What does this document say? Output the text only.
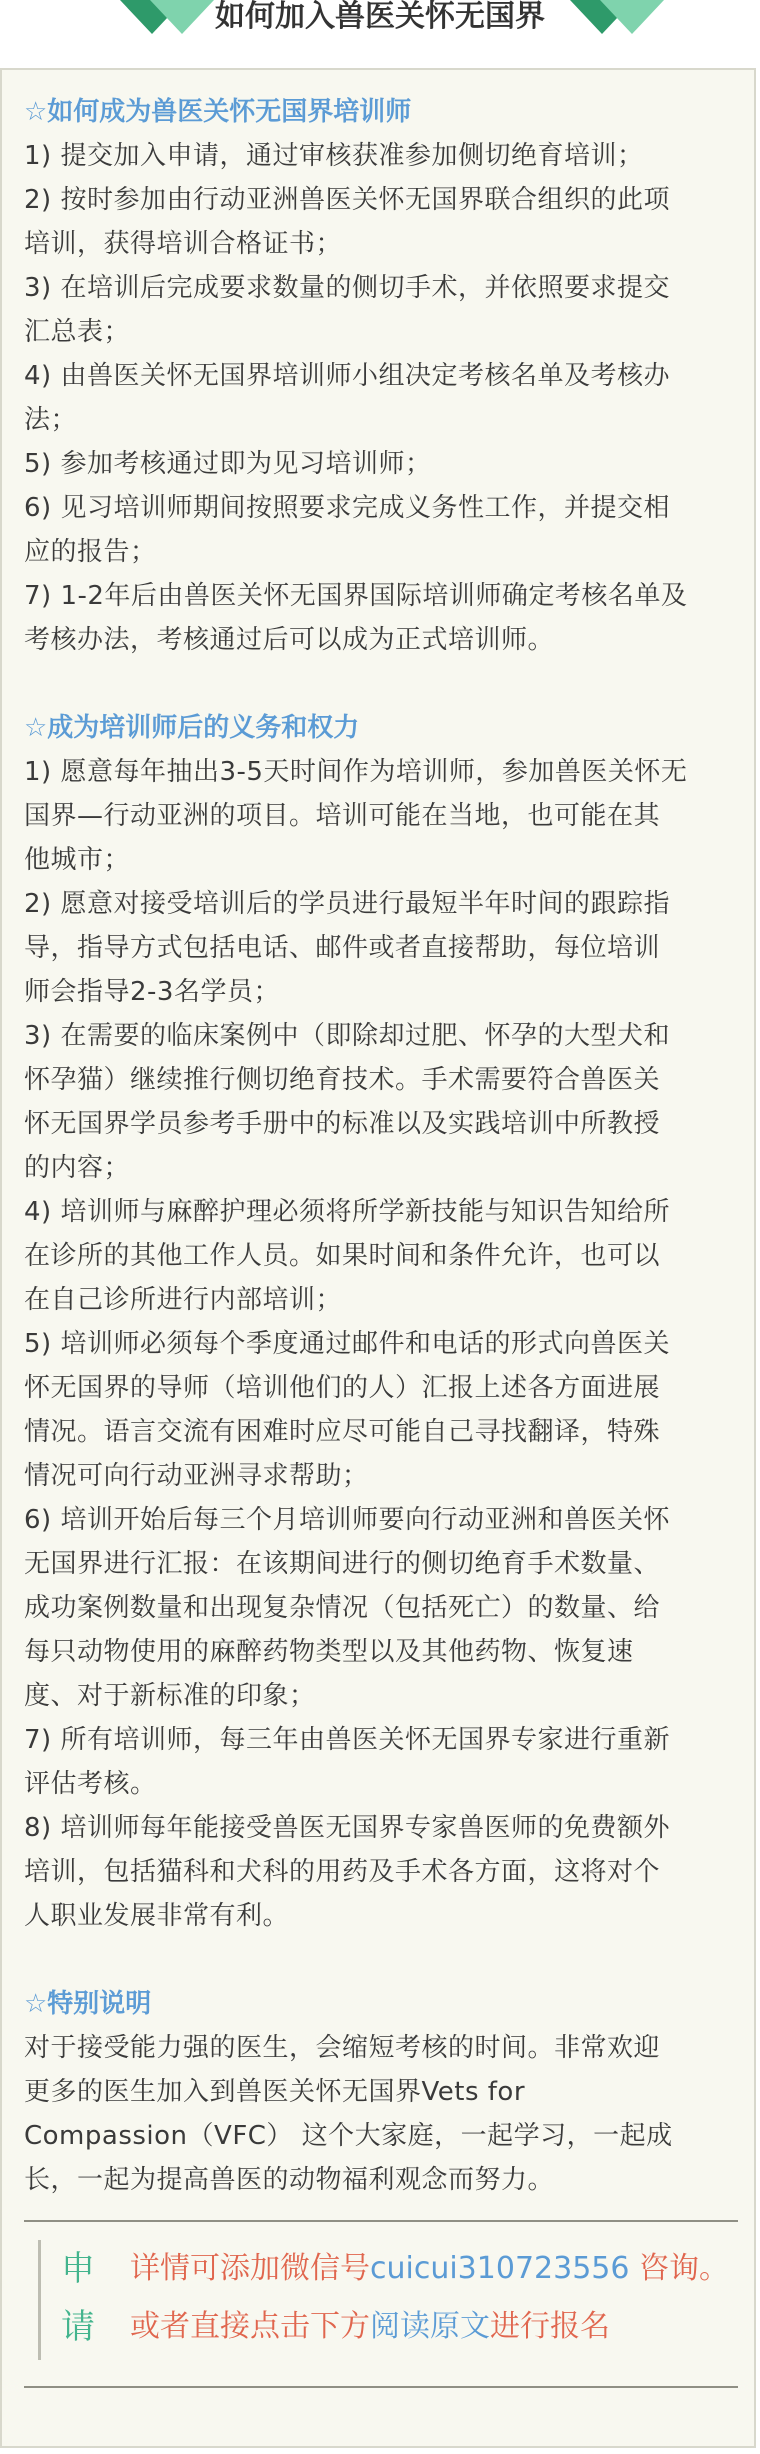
如何加入兽医关怀无国界

☆如何成为兽医关怀无国界培训师

1) 提交加入申请，通过审核获准参加侧切绝育培训；

2) 按时参加由行动亚洲兽医关怀无国界联合组织的此项

培训，获得培训合格证书；

3) 在培训后完成要求数量的侧切手术，并依照要求提交

汇总表；

4) 由兽医关怀无国界培训师小组决定考核名单及考核办

法；

5) 参加考核通过即为见习培训师；

6) 见习培训师期间按照要求完成义务性工作，并提交相

应的报告；

7) 1-2年后由兽医关怀无国界国际培训师确定考核名单及

考核办法，考核通过后可以成为正式培训师。

☆成为培训师后的义务和权力

1) 愿意每年抽出3-5天时间作为培训师，参加兽医关怀无

国界—行动亚洲的项目。培训可能在当地，也可能在其

他城市；

2) 愿意对接受培训后的学员进行最短半年时间的跟踪指

导，指导方式包括电话、邮件或者直接帮助，每位培训

师会指导2-3名学员；

3) 在需要的临床案例中（即除却过肥、怀孕的大型犬和

怀孕猫）继续推行侧切绝育技术。手术需要符合兽医关

怀无国界学员参考手册中的标准以及实践培训中所教授

的内容；

4) 培训师与麻醉护理必须将所学新技能与知识告知给所

在诊所的其他工作人员。如果时间和条件允许，也可以

在自己诊所进行内部培训；

5) 培训师必须每个季度通过邮件和电话的形式向兽医关

怀无国界的导师（培训他们的人）汇报上述各方面进展

情况。语言交流有困难时应尽可能自己寻找翻译，特殊

情况可向行动亚洲寻求帮助；

6) 培训开始后每三个月培训师要向行动亚洲和兽医关怀

无国界进行汇报：在该期间进行的侧切绝育手术数量、

成功案例数量和出现复杂情况（包括死亡）的数量、给

每只动物使用的麻醉药物类型以及其他药物、恢复速

度、对于新标准的印象；

7) 所有培训师，每三年由兽医关怀无国界专家进行重新

评估考核。

8) 培训师每年能接受兽医无国界专家兽医师的免费额外

培训，包括猫科和犬科的用药及手术各方面，这将对个

人职业发展非常有利。

☆特别说明

对于接受能力强的医生，会缩短考核的时间。非常欢迎

更多的医生加入到兽医关怀无国界Vets for

Compassion（VFC） 这个大家庭，一起学习，一起成

长，一起为提高兽医的动物福利观念而努力。

申
请
详情可添加微信号cuicui310723556 咨询。
或者直接点击下方阅读原文进行报名
